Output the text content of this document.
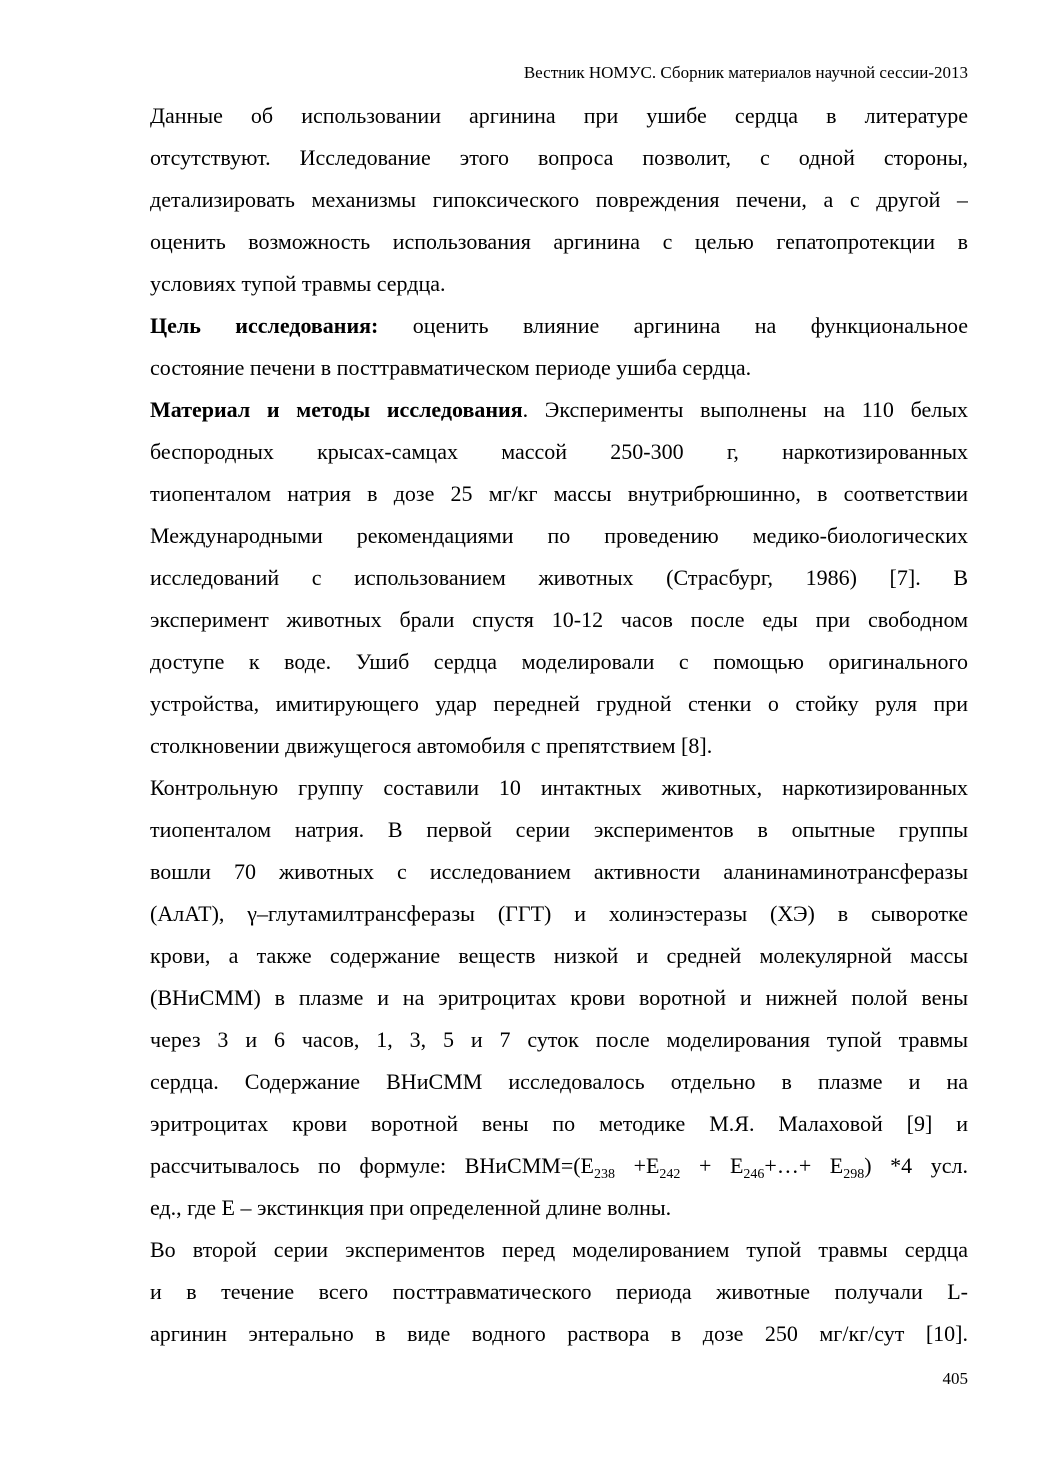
Вестник НОМУС. Сборник материалов научной сессии-2013
Данные об использовании аргинина при ушибе сердца в литературе
отсутствуют. Исследование этого вопроса позволит, с одной стороны,
детализировать механизмы гипоксического повреждения печени, а с другой –
оценить возможность использования аргинина с целью гепатопротекции в
условиях тупой травмы сердца.
Цель исследования: оценить влияние аргинина на функциональное
состояние печени в посттравматическом периоде ушиба сердца.
Материал и методы исследования. Эксперименты выполнены на 110 белых
беспородных крысах-самцах массой 250-300 г, наркотизированных
тиопенталом натрия в дозе 25 мг/кг массы внутрибрюшинно, в соответствии
Международными рекомендациями по проведению медико-биологических
исследований с использованием животных (Страсбург, 1986) [7]. В
эксперимент животных брали спустя 10-12 часов после еды при свободном
доступе к воде. Ушиб сердца моделировали с помощью оригинального
устройства, имитирующего удар передней грудной стенки о стойку руля при
столкновении движущегося автомобиля с препятствием [8].
Контрольную группу составили 10 интактных животных, наркотизированных
тиопенталом натрия. В первой серии экспериментов в опытные группы
вошли 70 животных с исследованием активности аланинаминотрансферазы
(АлАТ), γ–глутамилтрансферазы (ГГТ) и холинэстеразы (ХЭ) в сыворотке
крови, а также содержание веществ низкой и средней молекулярной массы
(ВНиСММ) в плазме и на эритроцитах крови воротной и нижней полой вены
через 3 и 6 часов, 1, 3, 5 и 7 суток после моделирования тупой травмы
сердца. Содержание ВНиСММ исследовалось отдельно в плазме и на
эритроцитах крови воротной вены по методике М.Я. Малаховой [9] и
рассчитывалось по формуле: $ВНиСММ=(Е_{238} +Е_{242}$ + $Е_{246}+\dots+ Е_{298}$) *4 усл.
ед., где Е – экстинкция при определенной длине волны.
Во второй серии экспериментов перед моделированием тупой травмы сердца
и в течение всего посттравматического периода животные получали L-
аргинин энтерально в виде водного раствора в дозе 250 мг/кг/сут [10].
405
